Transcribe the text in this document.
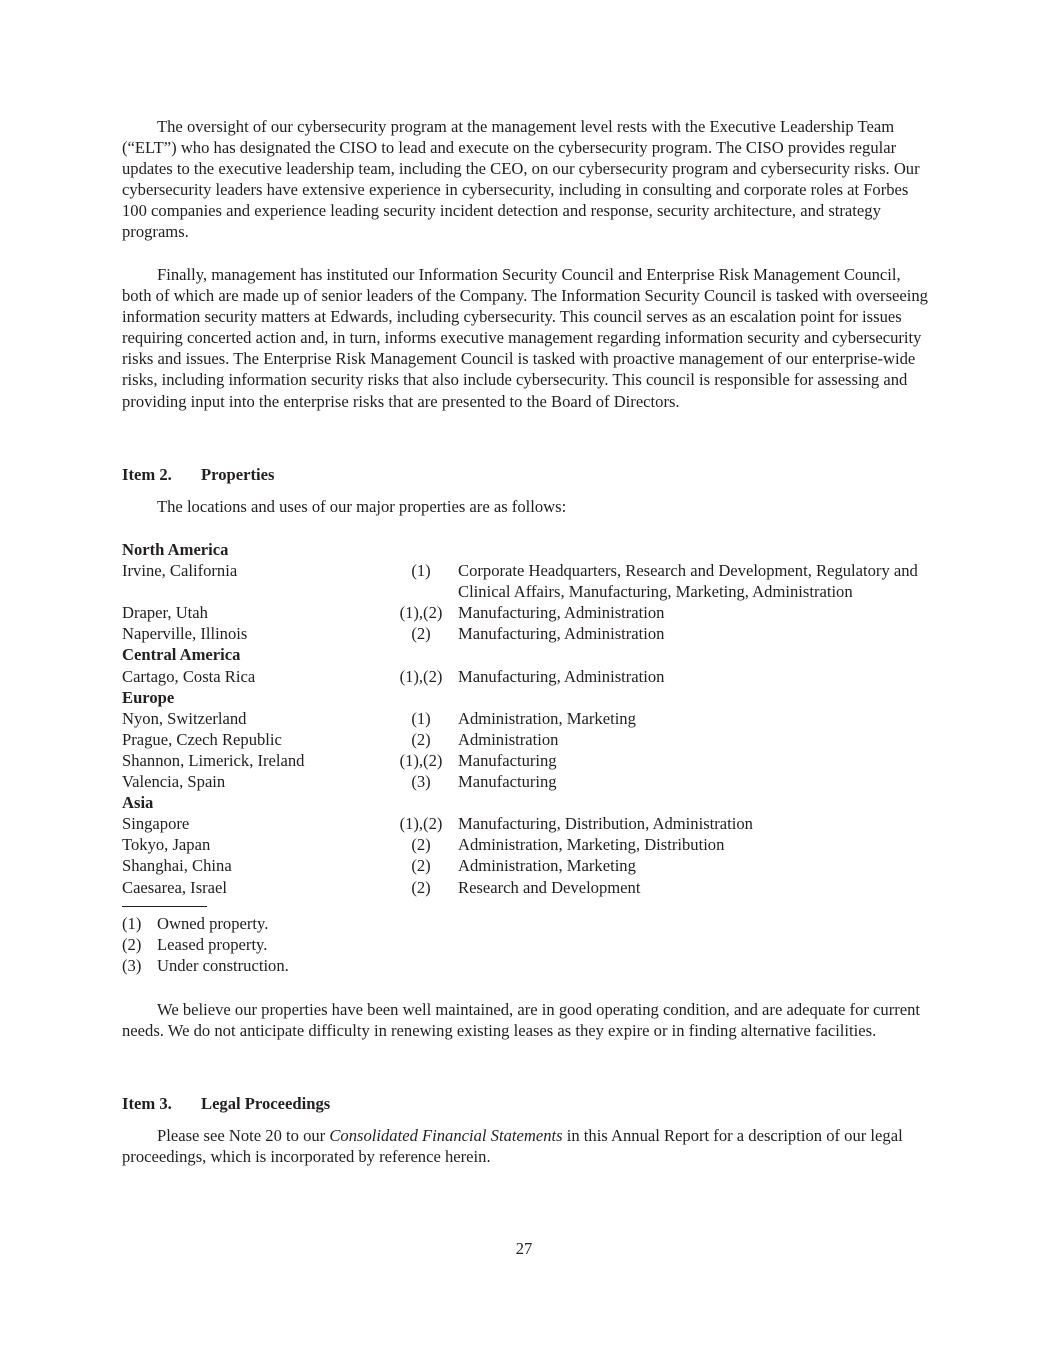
The oversight of our cybersecurity program at the management level rests with the Executive Leadership Team (“ELT”) who has designated the CISO to lead and execute on the cybersecurity program. The CISO provides regular updates to the executive leadership team, including the CEO, on our cybersecurity program and cybersecurity risks. Our cybersecurity leaders have extensive experience in cybersecurity, including in consulting and corporate roles at Forbes 100 companies and experience leading security incident detection and response, security architecture, and strategy programs.

Finally, management has instituted our Information Security Council and Enterprise Risk Management Council, both of which are made up of senior leaders of the Company. The Information Security Council is tasked with overseeing information security matters at Edwards, including cybersecurity. This council serves as an escalation point for issues requiring concerted action and, in turn, informs executive management regarding information security and cybersecurity risks and issues. The Enterprise Risk Management Council is tasked with proactive management of our enterprise-wide risks, including information security risks that also include cybersecurity. This council is responsible for assessing and providing input into the enterprise risks that are presented to the Board of Directors.

Item 2. Properties

The locations and uses of our major properties are as follows:

North America		
Irvine, California	(1)	Corporate Headquarters, Research and Development, Regulatory and Clinical Affairs, Manufacturing, Marketing, Administration
Draper, Utah	(1),(2)	Manufacturing, Administration
Naperville, Illinois	(2)	Manufacturing, Administration
Central America		
Cartago, Costa Rica	(1),(2)	Manufacturing, Administration
Europe		
Nyon, Switzerland	(1)	Administration, Marketing
Prague, Czech Republic	(2)	Administration
Shannon, Limerick, Ireland	(1),(2)	Manufacturing
Valencia, Spain	(3)	Manufacturing
Asia		
Singapore	(1),(2)	Manufacturing, Distribution, Administration
Tokyo, Japan	(2)	Administration, Marketing, Distribution
Shanghai, China	(2)	Administration, Marketing
Caesarea, Israel	(2)	Research and Development
(1) Owned property.
(2) Leased property.
(3) Under construction.

We believe our properties have been well maintained, are in good operating condition, and are adequate for current needs. We do not anticipate difficulty in renewing existing leases as they expire or in finding alternative facilities.

Item 3. Legal Proceedings

Please see Note 20 to our Consolidated Financial Statements in this Annual Report for a description of our legal proceedings, which is incorporated by reference herein.

27
